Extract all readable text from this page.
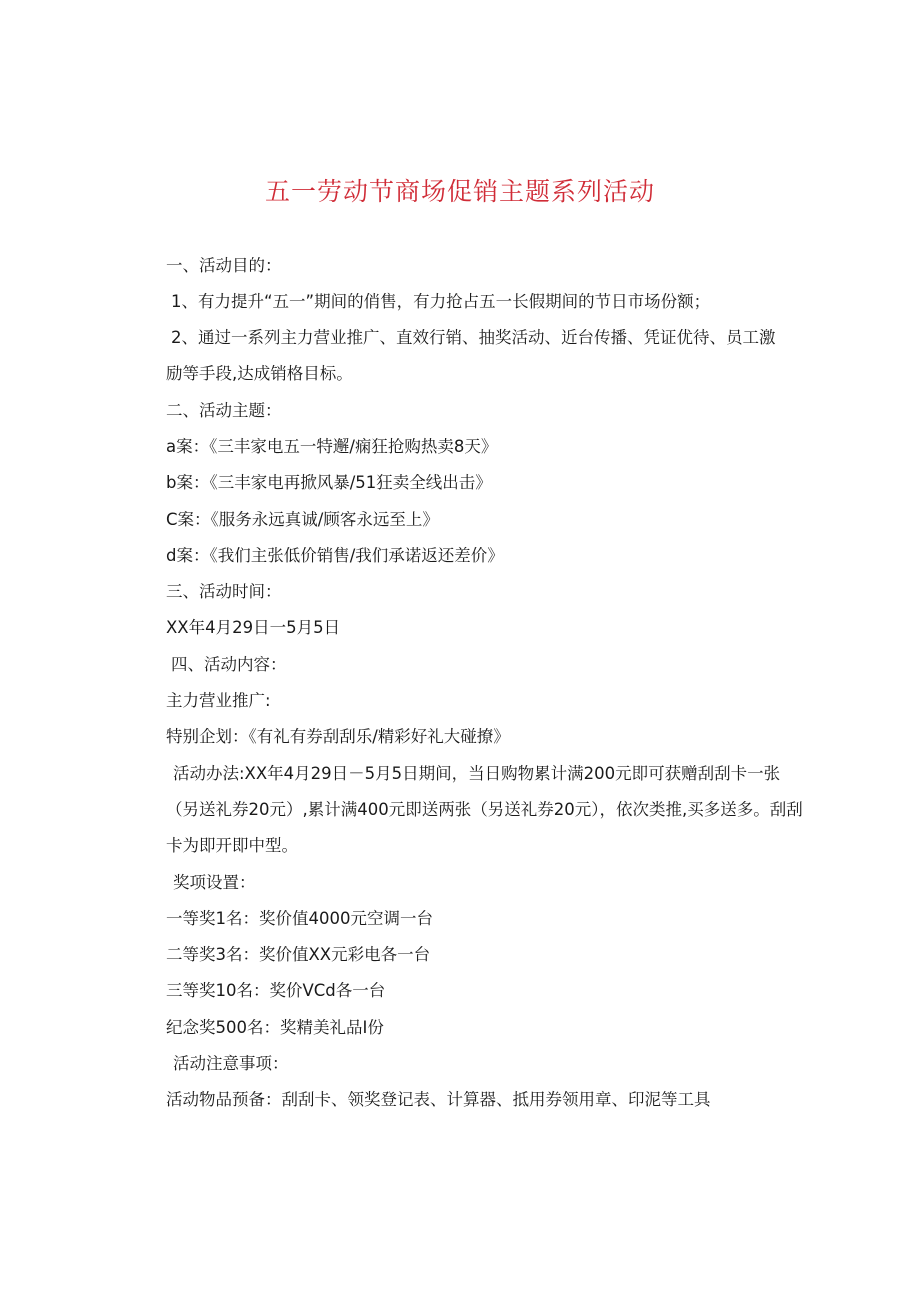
五一劳动节商场促销主题系列活动
一、活动目的：
1、有力提升“五一”期间的俏售，有力抢占五一长假期间的节日市场份额；
2、通过一系列主力营业推广、直效行销、抽奖活动、近台传播、凭证优待、员工激
励等手段,达成销格目标。
二、活动主题：
a案：《三丰家电五一特邂/痫狂抢购热卖8天》
b案：《三丰家电再掀风暴/51狂卖全线出击》
C案：《服务永远真诚/顾客永远至上》
d案：《我们主张低价销售/我们承诺返还差价》
三、活动时间：
XX年4月29日一5月5日
四、活动内容：
主力营业推广:
特别企划：《有礼有券刮刮乐/精彩好礼大碰撩》
活动办法:XX年4月29日－5月5日期间，当日购物累计满200元即可获赠刮刮卡一张
（另送礼券20元）,累计满400元即送两张（另送礼券20元），依次类推,买多送多。刮刮
卡为即开即中型。
奖项设置：
一等奖1名：奖价值4000元空调一台
二等奖3名：奖价值XX元彩电各一台
三等奖10名：奖价VCd各一台
纪念奖500名：奖精美礼品I份
活动注意事项：
活动物品预备：刮刮卡、领奖登记表、计算器、抵用券领用章、印泥等工具
